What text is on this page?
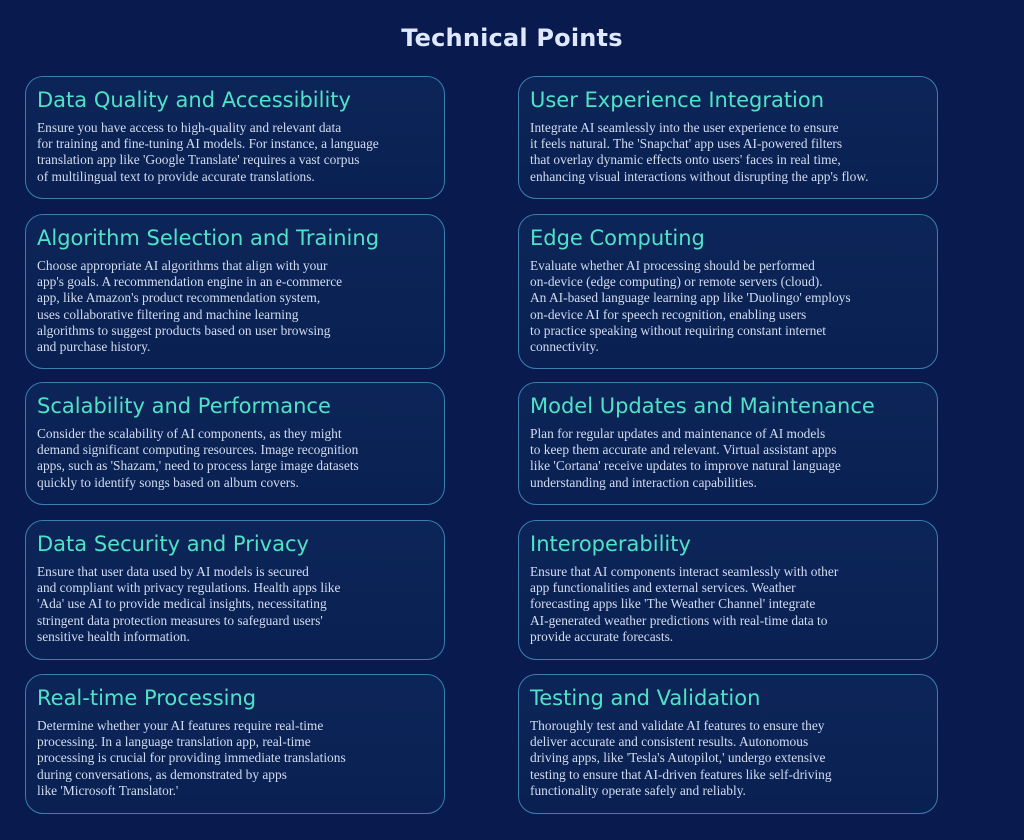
Technical Points
Data Quality and Accessibility
Ensure you have access to high-quality and relevant data
for training and fine-tuning AI models. For instance, a language
translation app like 'Google Translate' requires a vast corpus
of multilingual text to provide accurate translations.
User Experience Integration
Integrate AI seamlessly into the user experience to ensure
it feels natural. The 'Snapchat' app uses AI-powered filters
that overlay dynamic effects onto users' faces in real time,
enhancing visual interactions without disrupting the app's flow.
Algorithm Selection and Training
Choose appropriate AI algorithms that align with your
app's goals. A recommendation engine in an e-commerce
app, like Amazon's product recommendation system,
uses collaborative filtering and machine learning
algorithms to suggest products based on user browsing
and purchase history.
Edge Computing
Evaluate whether AI processing should be performed
on-device (edge computing) or remote servers (cloud).
An AI-based language learning app like 'Duolingo' employs
on-device AI for speech recognition, enabling users
to practice speaking without requiring constant internet
connectivity.
Scalability and Performance
Consider the scalability of AI components, as they might
demand significant computing resources. Image recognition
apps, such as 'Shazam,' need to process large image datasets
quickly to identify songs based on album covers.
Model Updates and Maintenance
Plan for regular updates and maintenance of AI models
to keep them accurate and relevant. Virtual assistant apps
like 'Cortana' receive updates to improve natural language
understanding and interaction capabilities.
Data Security and Privacy
Ensure that user data used by AI models is secured
and compliant with privacy regulations. Health apps like
'Ada' use AI to provide medical insights, necessitating
stringent data protection measures to safeguard users'
sensitive health information.
Interoperability
Ensure that AI components interact seamlessly with other
app functionalities and external services. Weather
forecasting apps like 'The Weather Channel' integrate
AI-generated weather predictions with real-time data to
provide accurate forecasts.
Real-time Processing
Determine whether your AI features require real-time
processing. In a language translation app, real-time
processing is crucial for providing immediate translations
during conversations, as demonstrated by apps
like 'Microsoft Translator.'
Testing and Validation
Thoroughly test and validate AI features to ensure they
deliver accurate and consistent results. Autonomous
driving apps, like 'Tesla's Autopilot,' undergo extensive
testing to ensure that AI-driven features like self-driving
functionality operate safely and reliably.
